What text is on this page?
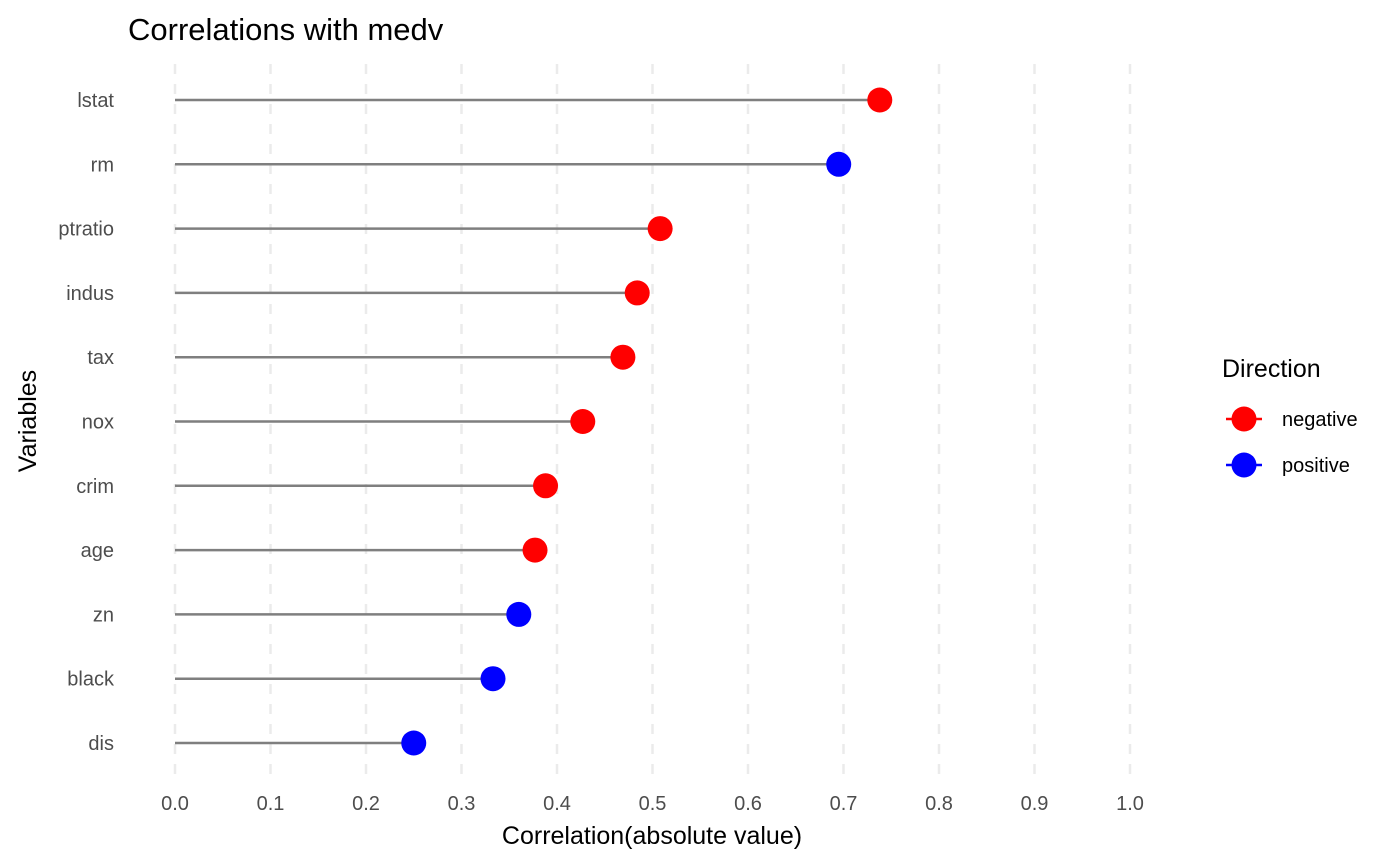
Correlations with medv
lstat
rm
ptratio
indus
tax
nox
crim
age
zn
black
dis
0.0	0.1	0.2	0.3	0.4	0.5	0.6	0.7	0.8	0.9	1.0
Correlation(absolute value)
Variables
Direction
negative
positive
